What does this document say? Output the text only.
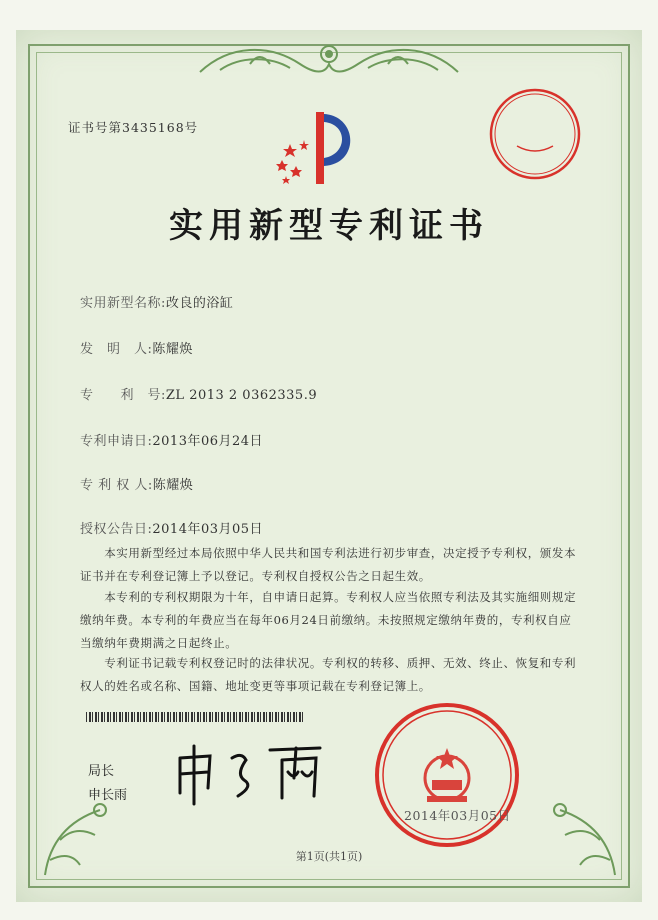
证书号第3435168号
实用新型专利证书
实用新型名称:改良的浴缸
发　明　人:陈耀焕
专　　利　号:ZL 2013 2 0362335.9
专利申请日:2013年06月24日
专 利 权 人:陈耀焕
授权公告日:2014年03月05日
　　本实用新型经过本局依照中华人民共和国专利法进行初步审查，决定授予专利权，颁发本证书并在专利登记簿上予以登记。专利权自授权公告之日起生效。
　　本专利的专利权期限为十年，自申请日起算。专利权人应当依照专利法及其实施细则规定缴纳年费。本专利的年费应当在每年06月24日前缴纳。未按照规定缴纳年费的，专利权自应当缴纳年费期满之日起终止。
　　专利证书记载专利权登记时的法律状况。专利权的转移、质押、无效、终止、恢复和专利权人的姓名或名称、国籍、地址变更等事项记载在专利登记簿上。
局长
申长雨
2014年03月05日
第1页(共1页)
